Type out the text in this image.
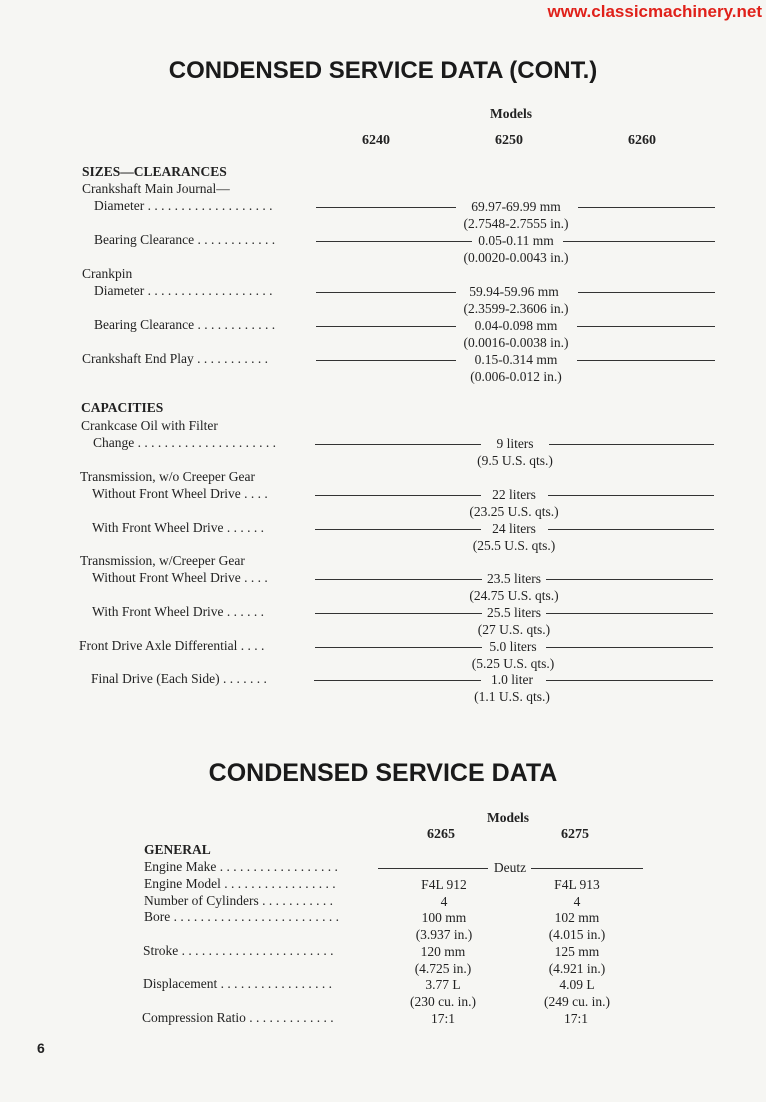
www.classicmachinery.net
CONDENSED SERVICE DATA (CONT.)
Models
6240	6250	6260
SIZES—CLEARANCES
Crankshaft Main Journal—
Diameter . . . . . . . . . . . . . . . . . . .	69.97-69.99 mm
(2.7548-2.7555 in.)
Bearing Clearance . . . . . . . . . . . .	0.05-0.11 mm
(0.0020-0.0043 in.)
Crankpin
Diameter . . . . . . . . . . . . . . . . . . .	59.94-59.96 mm
(2.3599-2.3606 in.)
Bearing Clearance . . . . . . . . . . . .	0.04-0.098 mm
(0.0016-0.0038 in.)
Crankshaft End Play . . . . . . . . . . .	0.15-0.314 mm
(0.006-0.012 in.)
CAPACITIES
Crankcase Oil with Filter
Change . . . . . . . . . . . . . . . . . . . . .	9 liters
(9.5 U.S. qts.)
Transmission, w/o Creeper Gear
Without Front Wheel Drive . . . .	22 liters
(23.25 U.S. qts.)
With Front Wheel Drive . . . . . .	24 liters
(25.5 U.S. qts.)
Transmission, w/Creeper Gear
Without Front Wheel Drive . . . .	23.5 liters
(24.75 U.S. qts.)
With Front Wheel Drive . . . . . .	25.5 liters
(27 U.S. qts.)
Front Drive Axle Differential . . . .	5.0 liters
(5.25 U.S. qts.)
Final Drive (Each Side) . . . . . . .	1.0 liter
(1.1 U.S. qts.)
CONDENSED SERVICE DATA
Models
6265	6275
GENERAL
Engine Make . . . . . . . . . . . . . . . . . .	Deutz
Engine Model . . . . . . . . . . . . . . . . .	F4L 912	F4L 913
Number of Cylinders . . . . . . . . . . .	4	4
Bore . . . . . . . . . . . . . . . . . . . . . . . . .	100 mm	102 mm
(3.937 in.)	(4.015 in.)
Stroke . . . . . . . . . . . . . . . . . . . . . . .	120 mm	125 mm
(4.725 in.)	(4.921 in.)
Displacement . . . . . . . . . . . . . . . . .	3.77 L	4.09 L
(230 cu. in.)	(249 cu. in.)
Compression Ratio . . . . . . . . . . . . .	17:1	17:1
6
